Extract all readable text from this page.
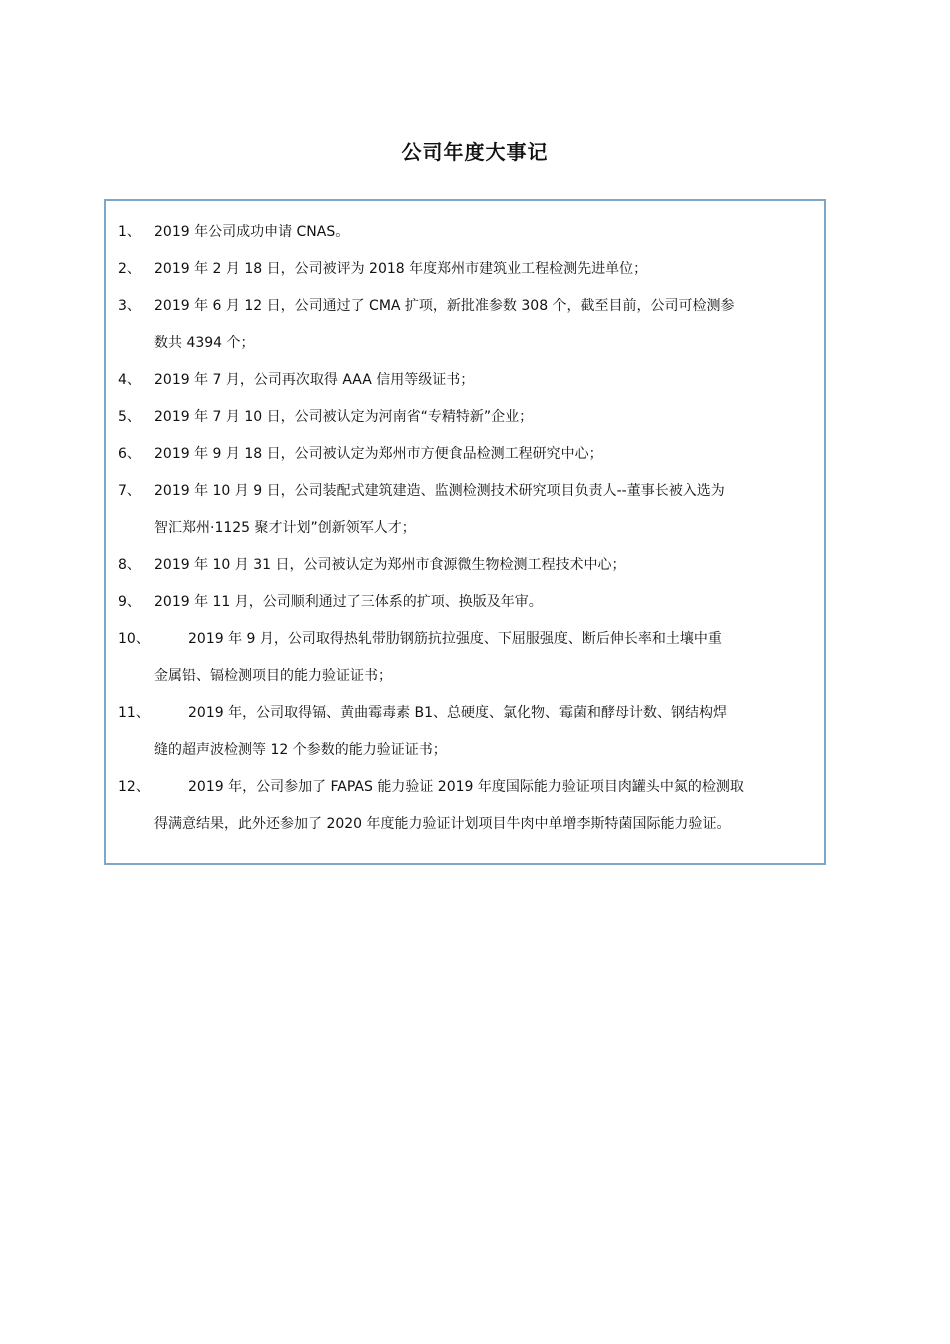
公司年度大事记
1、 2019 年公司成功申请 CNAS。
2、 2019 年 2 月 18 日，公司被评为 2018 年度郑州市建筑业工程检测先进单位；
3、 2019 年 6 月 12 日，公司通过了 CMA 扩项，新批准参数 308 个，截至目前，公司可检测参
数共 4394 个；
4、 2019 年 7 月，公司再次取得 AAA 信用等级证书；
5、 2019 年 7 月 10 日，公司被认定为河南省“专精特新”企业；
6、 2019 年 9 月 18 日，公司被认定为郑州市方便食品检测工程研究中心；
7、 2019 年 10 月 9 日，公司装配式建筑建造、监测检测技术研究项目负责人--董事长被入选为
智汇郑州·1125 聚才计划”创新领军人才；
8、 2019 年 10 月 31 日，公司被认定为郑州市食源微生物检测工程技术中心；
9、 2019 年 11 月，公司顺利通过了三体系的扩项、换版及年审。
10、	2019 年 9 月，公司取得热轧带肋钢筋抗拉强度、下屈服强度、断后伸长率和土壤中重
金属铅、镉检测项目的能力验证证书；
11、	2019 年，公司取得镉、黄曲霉毒素 B1、总硬度、氯化物、霉菌和酵母计数、钢结构焊
缝的超声波检测等 12 个参数的能力验证证书；
12、	2019 年，公司参加了 FAPAS 能力验证 2019 年度国际能力验证项目肉罐头中氮的检测取
得满意结果，此外还参加了 2020 年度能力验证计划项目牛肉中单增李斯特菌国际能力验证。
